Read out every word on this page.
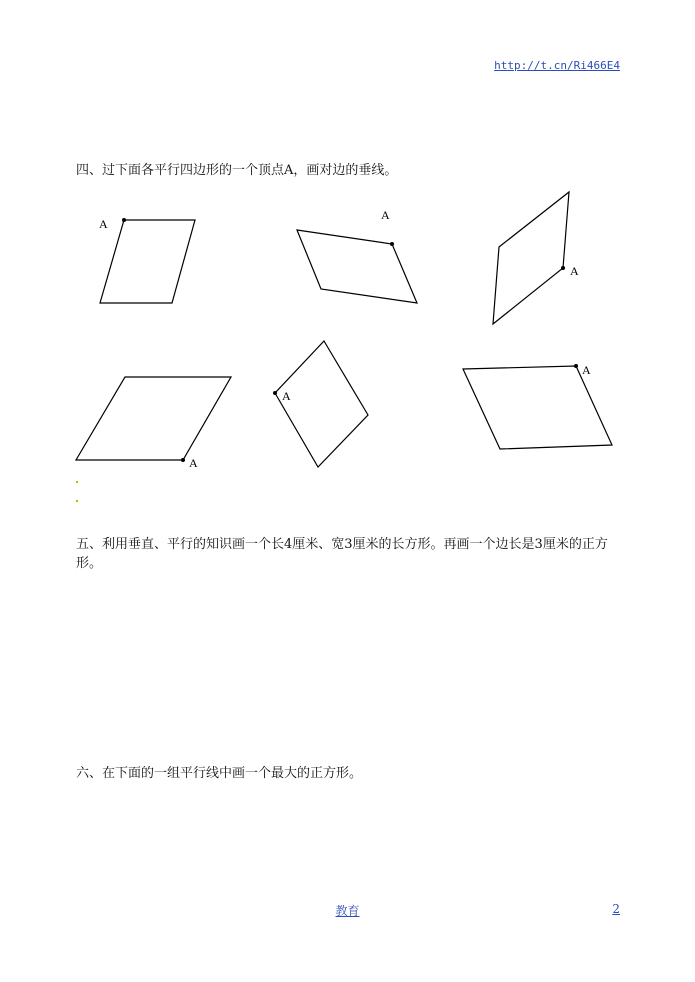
http://t.cn/Ri466E4
四、过下面各平行四边形的一个顶点A，画对边的垂线。
A
A
A
A
A
A
五、利用垂直、平行的知识画一个长4厘米、宽3厘米的长方形。再画一个边长是3厘米的正方形。
六、在下面的一组平行线中画一个最大的正方形。
教育	2
